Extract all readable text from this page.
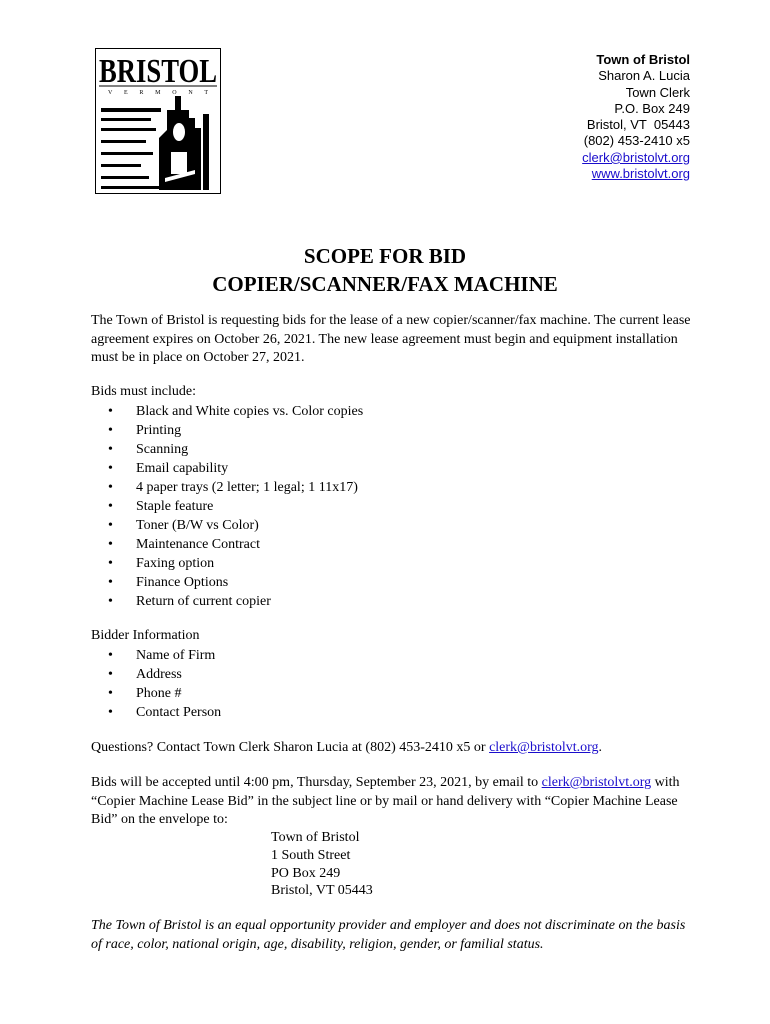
BRISTOL
V E R M O N T
Town of Bristol
Sharon A. Lucia
Town Clerk
P.O. Box 249
Bristol, VT  05443
(802) 453-2410 x5
clerk@bristolvt.org
www.bristolvt.org
SCOPE FOR BID
COPIER/SCANNER/FAX MACHINE

The Town of Bristol is requesting bids for the lease of a new copier/scanner/fax machine. The current lease agreement expires on October 26, 2021. The new lease agreement must begin and equipment installation must be in place on October 27, 2021.

Bids must include:
• Black and White copies vs. Color copies
• Printing
• Scanning
• Email capability
• 4 paper trays (2 letter; 1 legal; 1 11x17)
• Staple feature
• Toner (B/W vs Color)
• Maintenance Contract
• Faxing option
• Finance Options
• Return of current copier
Bidder Information
• Name of Firm
• Address
• Phone #
• Contact Person

Questions? Contact Town Clerk Sharon Lucia at (802) 453-2410 x5 or clerk@bristolvt.org.

Bids will be accepted until 4:00 pm, Thursday, September 23, 2021, by email to clerk@bristolvt.org with “Copier Machine Lease Bid” in the subject line or by mail or hand delivery with “Copier Machine Lease Bid” on the envelope to:

Town of Bristol
1 South Street
PO Box 249
Bristol, VT 05443

The Town of Bristol is an equal opportunity provider and employer and does not discriminate on the basis of race, color, national origin, age, disability, religion, gender, or familial status.
